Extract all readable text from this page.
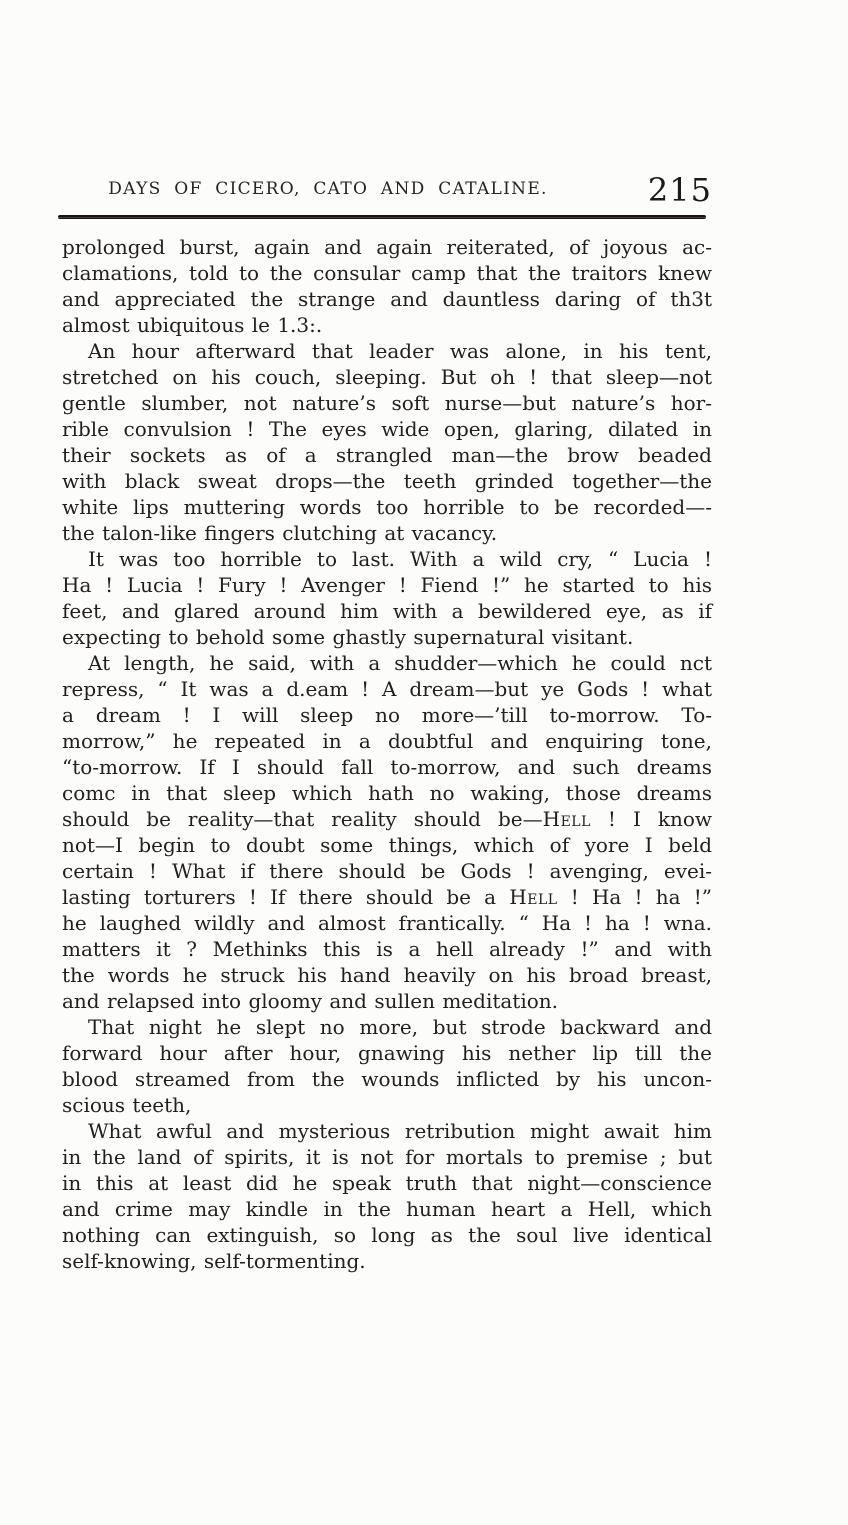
DAYS OF CICERO, CATO AND CATALINE.	215
prolonged burst, again and again reiterated, of joyous ac-
clamations, told to the consular camp that the traitors knew
and appreciated the strange and dauntless daring of th3t
almost ubiquitous le 1.3:.
An hour afterward that leader was alone, in his tent,
stretched on his couch, sleeping. But oh ! that sleep—not
gentle slumber, not nature’s soft nurse—but nature’s hor-
rible convulsion ! The eyes wide open, glaring, dilated in
their sockets as of a strangled man—the brow beaded
with black sweat drops—the teeth grinded together—the
white lips muttering words too horrible to be recorded—-
the talon-like fingers clutching at vacancy.
It was too horrible to last. With a wild cry, “ Lucia !
Ha ! Lucia ! Fury ! Avenger ! Fiend !” he started to his
feet, and glared around him with a bewildered eye, as if
expecting to behold some ghastly supernatural visitant.
At length, he said, with a shudder—which he could nct
repress, “ It was a d.eam ! A dream—but ye Gods ! what
a dream ! I will sleep no more—’till to-morrow. To-
morrow,” he repeated in a doubtful and enquiring tone,
“to-morrow. If I should fall to-morrow, and such dreams
comc in that sleep which hath no waking, those dreams
should be reality—that reality should be—Hell ! I know
not—I begin to doubt some things, which of yore I beld
certain ! What if there should be Gods ! avenging, evei-
lasting torturers ! If there should be a Hell ! Ha ! ha !”
he laughed wildly and almost frantically. “ Ha ! ha ! wna.
matters it ? Methinks this is a hell already !” and with
the words he struck his hand heavily on his broad breast,
and relapsed into gloomy and sullen meditation.
That night he slept no more, but strode backward and
forward hour after hour, gnawing his nether lip till the
blood streamed from the wounds inflicted by his uncon-
scious teeth,
What awful and mysterious retribution might await him
in the land of spirits, it is not for mortals to premise ; but
in this at least did he speak truth that night—conscience
and crime may kindle in the human heart a Hell, which
nothing can extinguish, so long as the soul live identical
self-knowing, self-tormenting.
